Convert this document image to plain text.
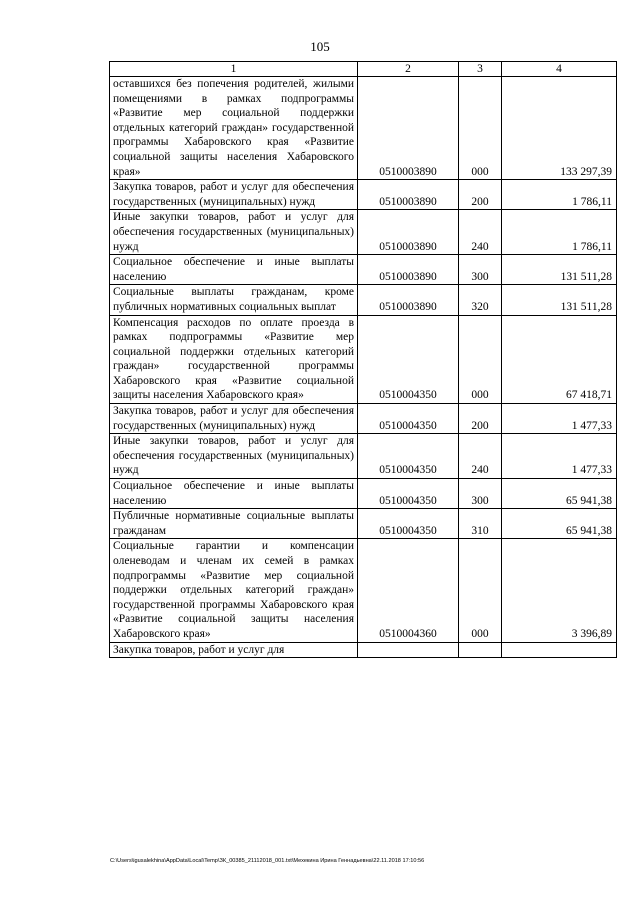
105
1	2	3	4
оставшихся без попечения родителей, жилыми помещениями в рамках подпрограммы «Развитие мер социальной поддержки отдельных категорий граждан» государственной программы Хабаровского края «Развитие социальной защиты населения Хабаровского края»	0510003890	000	133 297,39
Закупка товаров, работ и услуг для обеспечения государственных (муниципальных) нужд	0510003890	200	1 786,11
Иные закупки товаров, работ и услуг для обеспечения государственных (муниципальных) нужд	0510003890	240	1 786,11
Социальное обеспечение и иные выплаты населению	0510003890	300	131 511,28
Социальные выплаты гражданам, кроме публичных нормативных социальных выплат	0510003890	320	131 511,28
Компенсация расходов по оплате проезда в рамках подпрограммы «Развитие мер социальной поддержки отдельных категорий граждан» государственной программы Хабаровского края «Развитие социальной защиты населения Хабаровского края»	0510004350	000	67 418,71
Закупка товаров, работ и услуг для обеспечения государственных (муниципальных) нужд	0510004350	200	1 477,33
Иные закупки товаров, работ и услуг для обеспечения государственных (муниципальных) нужд	0510004350	240	1 477,33
Социальное обеспечение и иные выплаты населению	0510004350	300	65 941,38
Публичные нормативные социальные выплаты гражданам	0510004350	310	65 941,38
Социальные гарантии и компенсации оленеводам и членам их семей в рамках подпрограммы «Развитие мер социальной поддержки отдельных категорий граждан» государственной программы Хабаровского края «Развитие социальной защиты населения Хабаровского края»	0510004360	000	3 396,89
Закупка товаров, работ и услуг для			
C:\Users\igusalekhina\AppData\Local\Temp\ЗК_00385_21112018_001.txt\Мехекина Ирина Геннадьевна\22.11.2018 17:10:56
